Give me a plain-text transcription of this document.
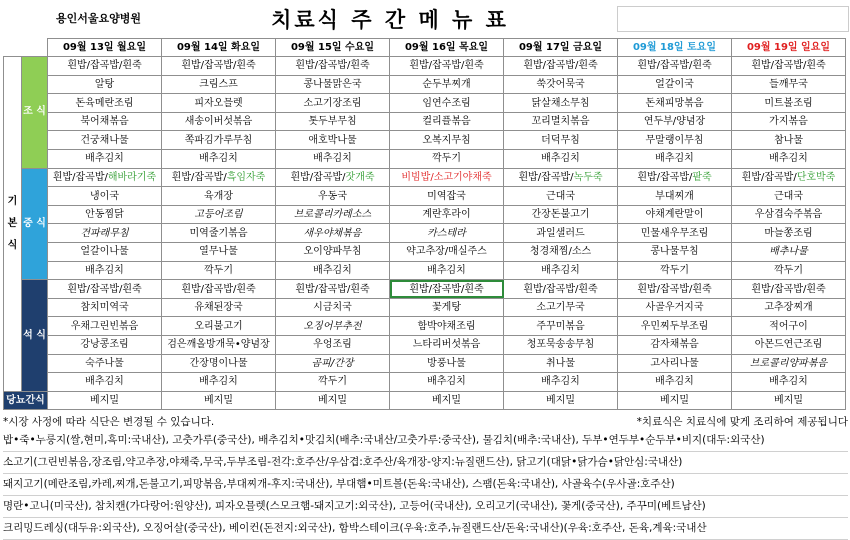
용인서울요양병원	치료식 주 간 메 뉴 표
		09월 13일 월요일	09월 14일 화요일	09월 15일 수요일	09월 16일 목요일	09월 17일 금요일	09월 18일 토요일	09월 19일 일요일
기 본 식	조 식	흰밥/잡곡밥/흰죽	흰밥/잡곡밥/흰죽	흰밥/잡곡밥/흰죽	흰밥/잡곡밥/흰죽	흰밥/잡곡밥/흰죽	흰밥/잡곡밥/흰죽	흰밥/잡곡밥/흰죽
		알탕	크림스프	콩나물맑은국	순두부찌개	쑥갓어묵국	얼갈이국	들깨무국
		돈육메란조림	피자오믈렛	소고기장조림	임연수조림	닭살채소무침	돈채피망볶음	미트볼조림
		북어채볶음	새송이버섯볶음	톳두부무침	컬리플볶음	꼬리멸치볶음	연두부/양념장	가지볶음
		건궁채나물	쪽파김가루무침	애호박나물	오복지무침	더덕무침	무말랭이무침	참나물
		배추김치	배추김치	배추김치	깍두기	배추김치	배추김치	배추김치
	중 식	흰밥/잡곡밥/해바라기죽	흰밥/잡곡밥/흑임자죽	흰밥/잡곡밥/잣개죽	비빔밥/소고기야채죽	흰밥/잡곡밥/녹두죽	흰밥/잡곡밥/팥죽	흰밥/잡곡밥/단호박죽
		냉이국	육개장	우동국	미역잡국	근대국	부대찌개	근대국
		안동찜닭	고등어조림	브로콜리카레소스	계란후라이	간장돈불고기	야채계란말이	우삼겹숙주볶음
		건파래무침	미역줄기볶음	새우야채볶음	카스테라	과일샐러드	민물새우무조림	마늘쫑조림
		얼갈이나물	열무나물	오이양파무침	약고추장/매실주스	청경채찜/소스	콩나물무침	배추나물
		배추김치	깍두기	배추김치	배추김치	배추김치	깍두기	깍두기
	석 식	흰밥/잡곡밥/흰죽	흰밥/잡곡밥/흰죽	흰밥/잡곡밥/흰죽	흰밥/잡곡밥/흰죽	흰밥/잡곡밥/흰죽	흰밥/잡곡밥/흰죽	흰밥/잡곡밥/흰죽
		참치미역국	유채된장국	시금치국	꽃게탕	소고기무국	사골우거지국	고추장찌개
		우채그린빈볶음	오리불고기	오징어부추전	함박야채조림	주꾸미볶음	우민찌두부조림	적어구이
		강낭콩조림	검은깨올방개묵•양념장	우엉조림	느타리버섯볶음	청포묵송송무침	감자채볶음	아몬드연근조림
		숙주나물	간장명이나물	곰피/간장	방풍나물	취나물	고사리나물	브로콜리양파볶음
		배추김치	배추김치	깍두기	배추김치	배추김치	배추김치	배추김치
당뇨간식		베지밀	베지밀	베지밀	베지밀	베지밀	베지밀	베지밀
*시장 사정에 따라 식단은 변경될 수 있습니다.	*치료식은 치료식에 맞게 조리하여 제공됩니다
밥•죽•누룽지(쌀,현미,흑미:국내산), 고춧가루(중국산), 배추김치•맛김치(배추:국내산/고춧가루:중국산), 물김치(배추:국내산), 두부•연두부•순두부•비지(대두:외국산)
소고기(그린빈볶음,장조림,약고추장,야채죽,무국,두부조림-전각:호주산/우삼겹:호주산/육개장-양지:뉴질랜드산), 닭고기(대닭•닭가슴•닭안심:국내산)
돼지고기(메란조림,카레,찌개,돈불고기,피망볶음,부대찌개-후지:국내산), 부대햄•미트볼(돈육:국내산), 스팸(돈육:국내산), 사골육수(우사골:호주산)
명란•고니(미국산), 참치캔(가다랑어:원양산), 피자오믈렛(스모크햄-돼지고기:외국산), 고등어(국내산), 오리고기(국내산), 꽃게(중국산), 주꾸미(베트남산)
크리밍드레싱(대두유:외국산), 오징어살(중국산), 베이컨(돈전지:외국산), 함박스테이크(우육:호주,뉴질랜드산/돈육:국내산)(우육:호주산, 돈육,계육:국내산
